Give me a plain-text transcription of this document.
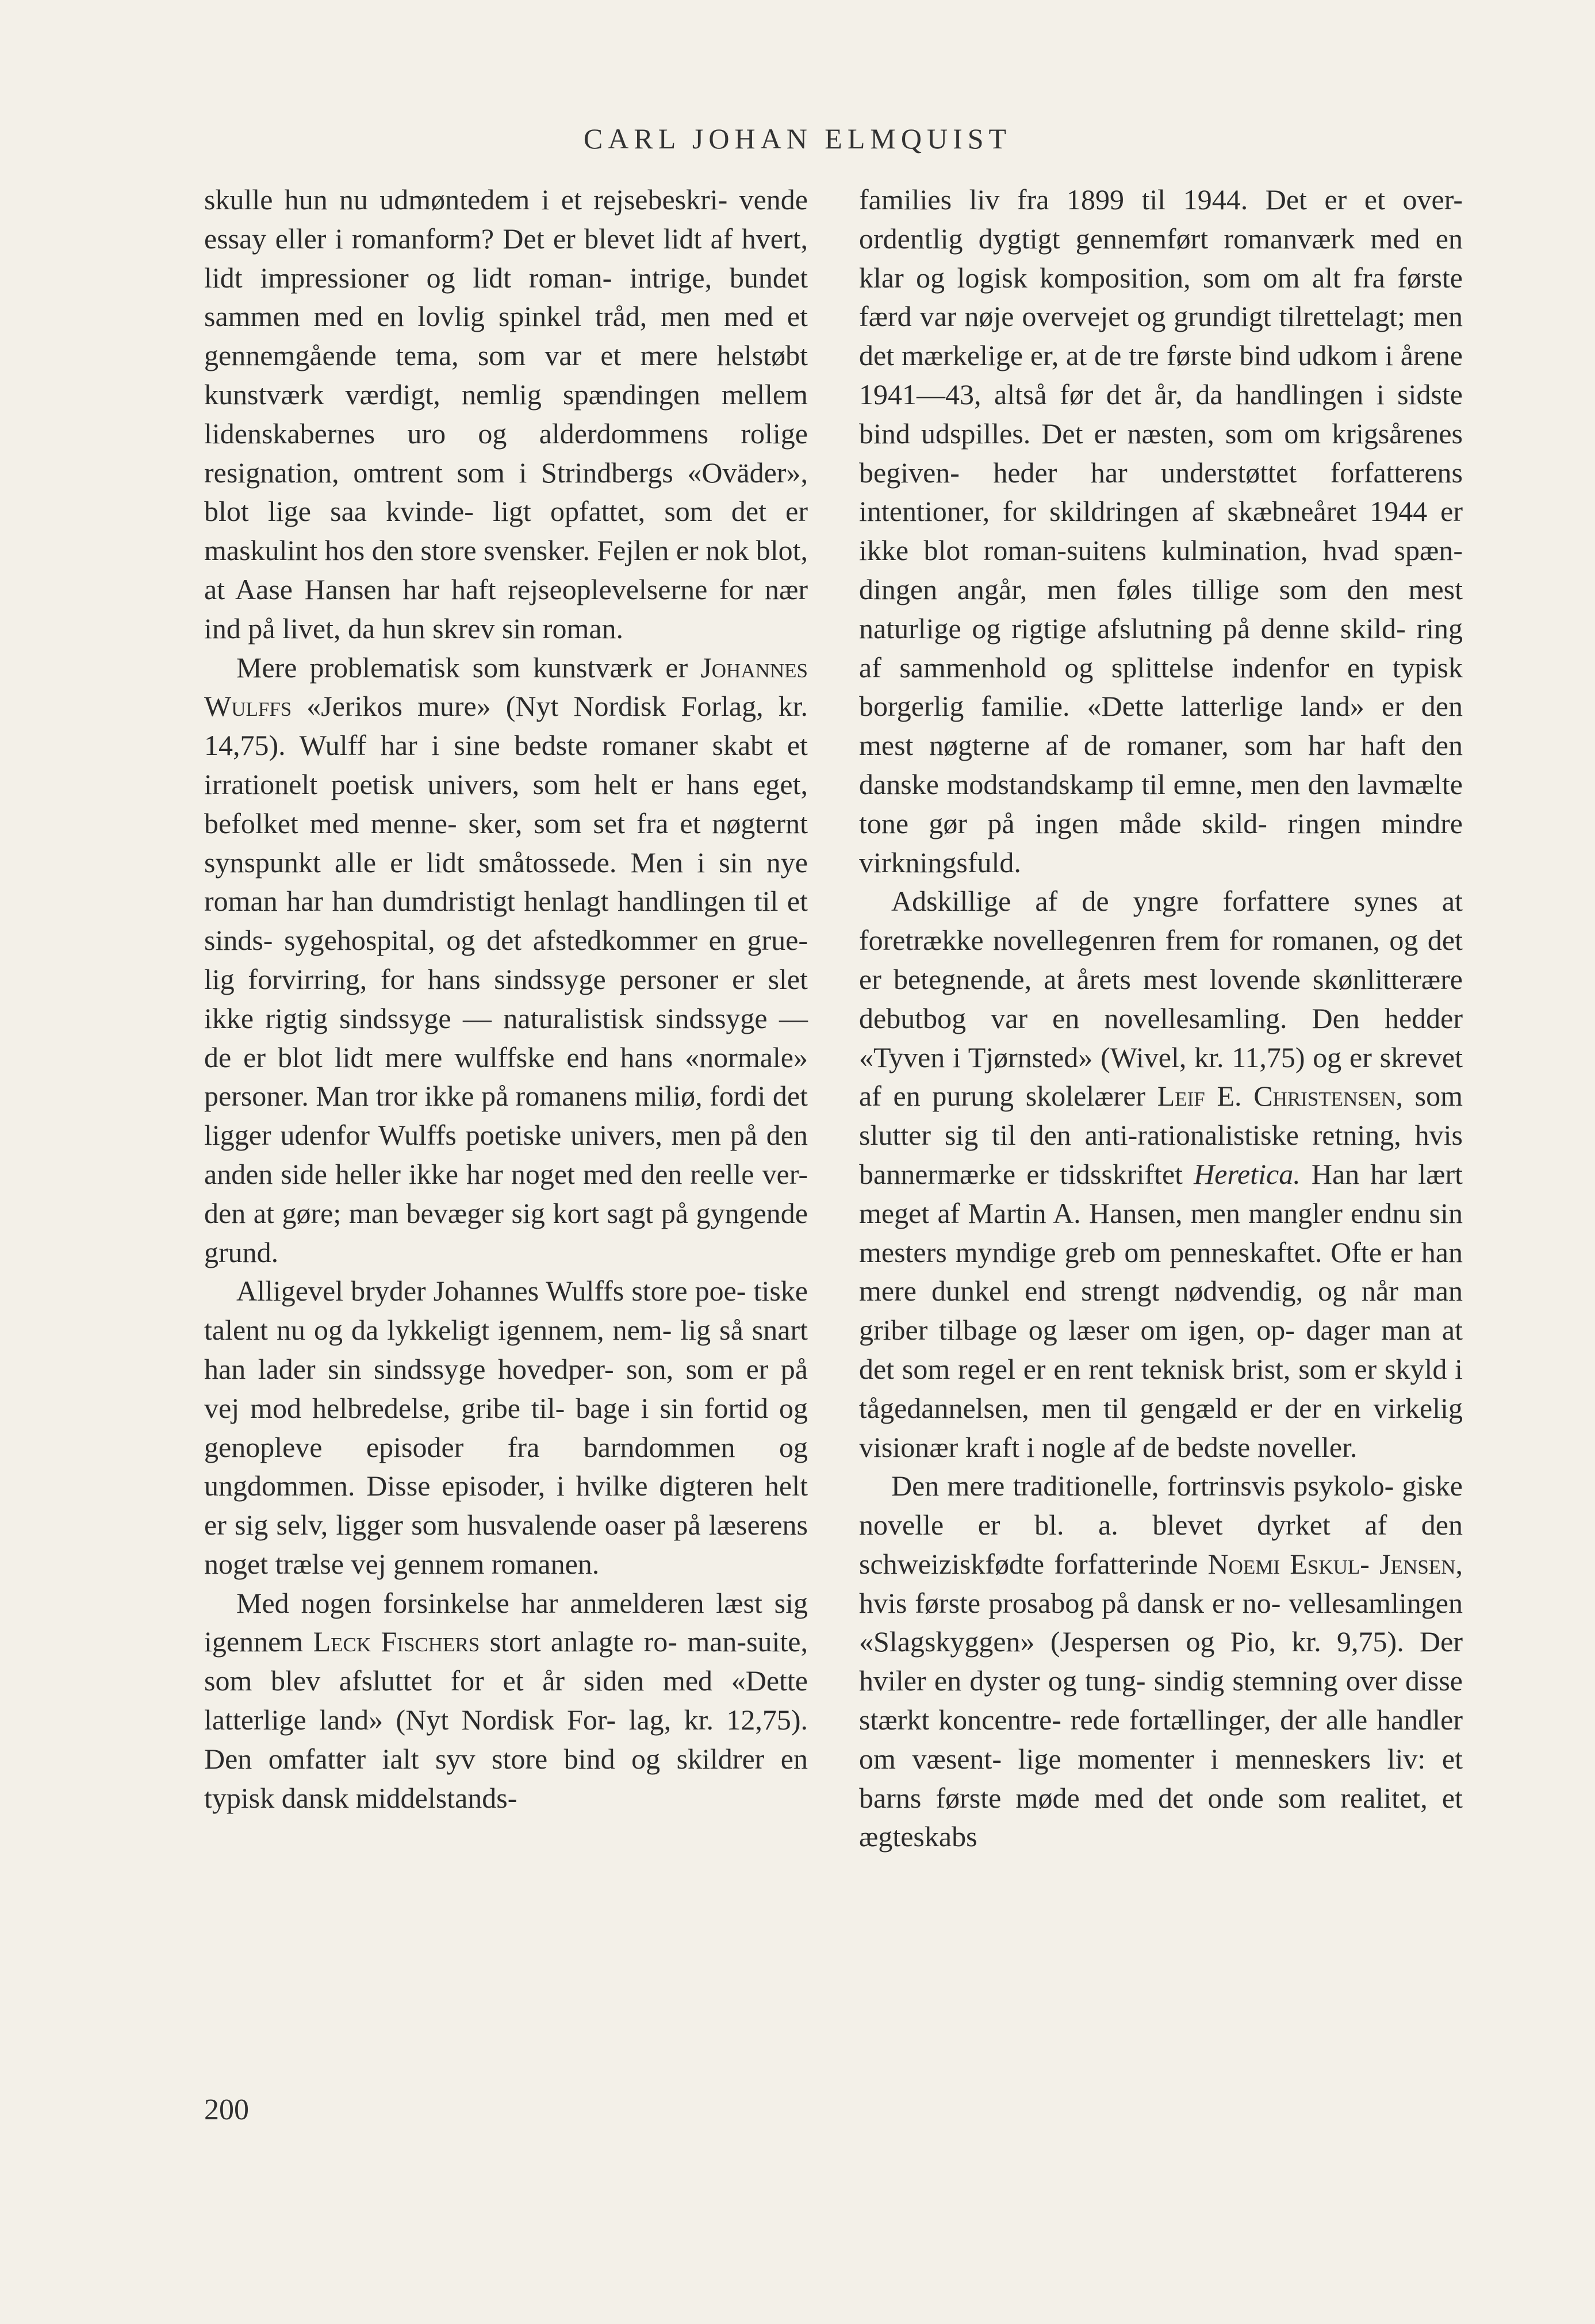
CARL JOHAN ELMQUIST

skulle hun nu udmøntedem i et rejsebeskri- vende essay eller i romanform? Det er blevet lidt af hvert, lidt impressioner og lidt roman- intrige, bundet sammen med en lovlig spinkel tråd, men med et gennemgående tema, som var et mere helstøbt kunstværk værdigt, nemlig spændingen mellem lidenskabernes uro og alderdommens rolige resignation, omtrent som i Strindbergs «Oväder», blot lige saa kvinde- ligt opfattet, som det er maskulint hos den store svensker. Fejlen er nok blot, at Aase Hansen har haft rejseoplevelserne for nær ind på livet, da hun skrev sin roman.

Mere problematisk som kunstværk er Johannes Wulffs «Jerikos mure» (Nyt Nordisk Forlag, kr. 14,75). Wulff har i sine bedste romaner skabt et irrationelt poetisk univers, som helt er hans eget, befolket med menne- sker, som set fra et nøgternt synspunkt alle er lidt småtossede. Men i sin nye roman har han dumdristigt henlagt handlingen til et sinds- sygehospital, og det afstedkommer en grue- lig forvirring, for hans sindssyge personer er slet ikke rigtig sindssyge — naturalistisk sindssyge — de er blot lidt mere wulffske end hans «normale» personer. Man tror ikke på romanens miliø, fordi det ligger udenfor Wulffs poetiske univers, men på den anden side heller ikke har noget med den reelle ver- den at gøre; man bevæger sig kort sagt på gyngende grund.

Alligevel bryder Johannes Wulffs store poe- tiske talent nu og da lykkeligt igennem, nem- lig så snart han lader sin sindssyge hovedper- son, som er på vej mod helbredelse, gribe til- bage i sin fortid og genopleve episoder fra barndommen og ungdommen. Disse episoder, i hvilke digteren helt er sig selv, ligger som husvalende oaser på læserens noget trælse vej gennem romanen.

Med nogen forsinkelse har anmelderen læst sig igennem Leck Fischers stort anlagte ro- man-suite, som blev afsluttet for et år siden med «Dette latterlige land» (Nyt Nordisk For- lag, kr. 12,75). Den omfatter ialt syv store bind og skildrer en typisk dansk middelstands-

families liv fra 1899 til 1944. Det er et over- ordentlig dygtigt gennemført romanværk med en klar og logisk komposition, som om alt fra første færd var nøje overvejet og grundigt tilrettelagt; men det mærkelige er, at de tre første bind udkom i årene 1941—43, altså før det år, da handlingen i sidste bind udspilles. Det er næsten, som om krigsårenes begiven- heder har understøttet forfatterens intentioner, for skildringen af skæbneåret 1944 er ikke blot roman-suitens kulmination, hvad spæn- dingen angår, men føles tillige som den mest naturlige og rigtige afslutning på denne skild- ring af sammenhold og splittelse indenfor en typisk borgerlig familie. «Dette latterlige land» er den mest nøgterne af de romaner, som har haft den danske modstandskamp til emne, men den lavmælte tone gør på ingen måde skild- ringen mindre virkningsfuld.

Adskillige af de yngre forfattere synes at foretrække novellegenren frem for romanen, og det er betegnende, at årets mest lovende skønlitterære debutbog var en novellesamling. Den hedder «Tyven i Tjørnsted» (Wivel, kr. 11,75) og er skrevet af en purung skolelærer Leif E. Christensen, som slutter sig til den anti-rationalistiske retning, hvis bannermærke er tidsskriftet Heretica. Han har lært meget af Martin A. Hansen, men mangler endnu sin mesters myndige greb om penneskaftet. Ofte er han mere dunkel end strengt nødvendig, og når man griber tilbage og læser om igen, op- dager man at det som regel er en rent teknisk brist, som er skyld i tågedannelsen, men til gengæld er der en virkelig visionær kraft i nogle af de bedste noveller.

Den mere traditionelle, fortrinsvis psykolo- giske novelle er bl. a. blevet dyrket af den schweiziskfødte forfatterinde Noemi Eskul- Jensen, hvis første prosabog på dansk er no- vellesamlingen «Slagskyggen» (Jespersen og Pio, kr. 9,75). Der hviler en dyster og tung- sindig stemning over disse stærkt koncentre- rede fortællinger, der alle handler om væsent- lige momenter i menneskers liv: et barns første møde med det onde som realitet, et ægteskabs

200
